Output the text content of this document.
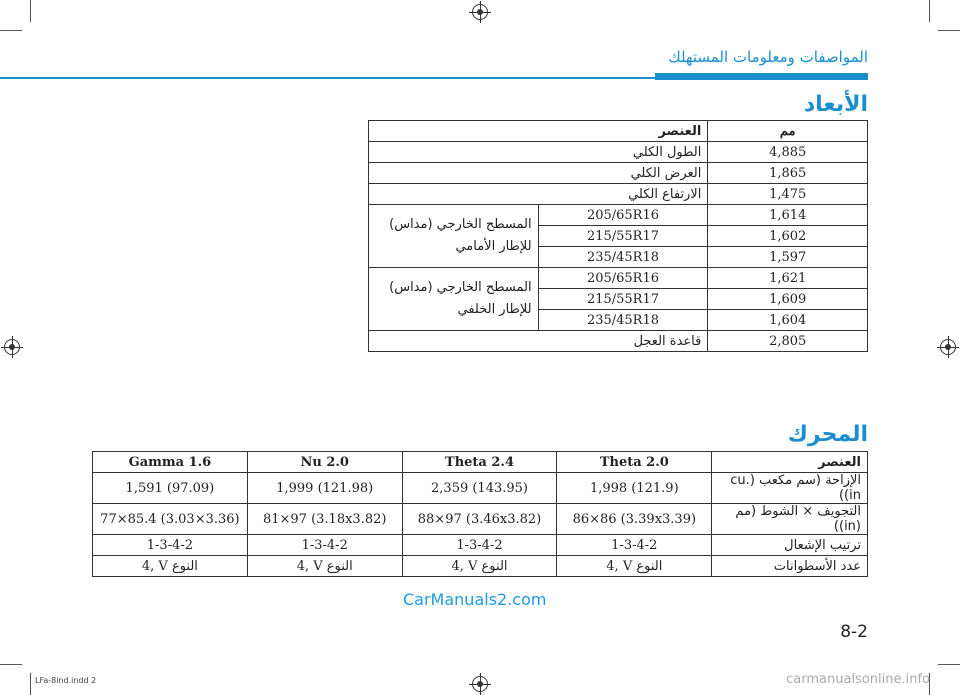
المواصفات ومعلومات المستهلك
الأبعاد
العنصر		مم
الطول الكلي		4,885
العرض الكلي		1,865
الارتفاع الكلي		1,475
المسطح الخارجي (مداس) للإطار الأمامي	205/65R16	1,614
	215/55R17	1,602
	235/45R18	1,597
المسطح الخارجي (مداس) للإطار الخلفي	205/65R16	1,621
	215/55R17	1,609
	235/45R18	1,604
قاعدة العجل		2,805
المحرك
Gamma 1.6	Nu 2.0	Theta 2.4	Theta 2.0	العنصر
1,591 (97.09)	1,999 (121.98)	2,359 (143.95)	1,998 (121.9)	الإزاحة (سم مكعب (cu. in))
77×85.4 (3.03×3.36)	81×97 (3.18x3.82)	88×97 (3.46x3.82)	86×86 (3.39x3.39)	التجويف × الشوط (مم (in))
1-3-4-2	1-3-4-2	1-3-4-2	1-3-4-2	ترتيب الإشعال
4, V النوع	4, V النوع	4, V النوع	4, V النوع	عدد الأسطوانات
CarManuals2.com
8-2
LFa-8ind.indd 2	carmanualsonline.info
